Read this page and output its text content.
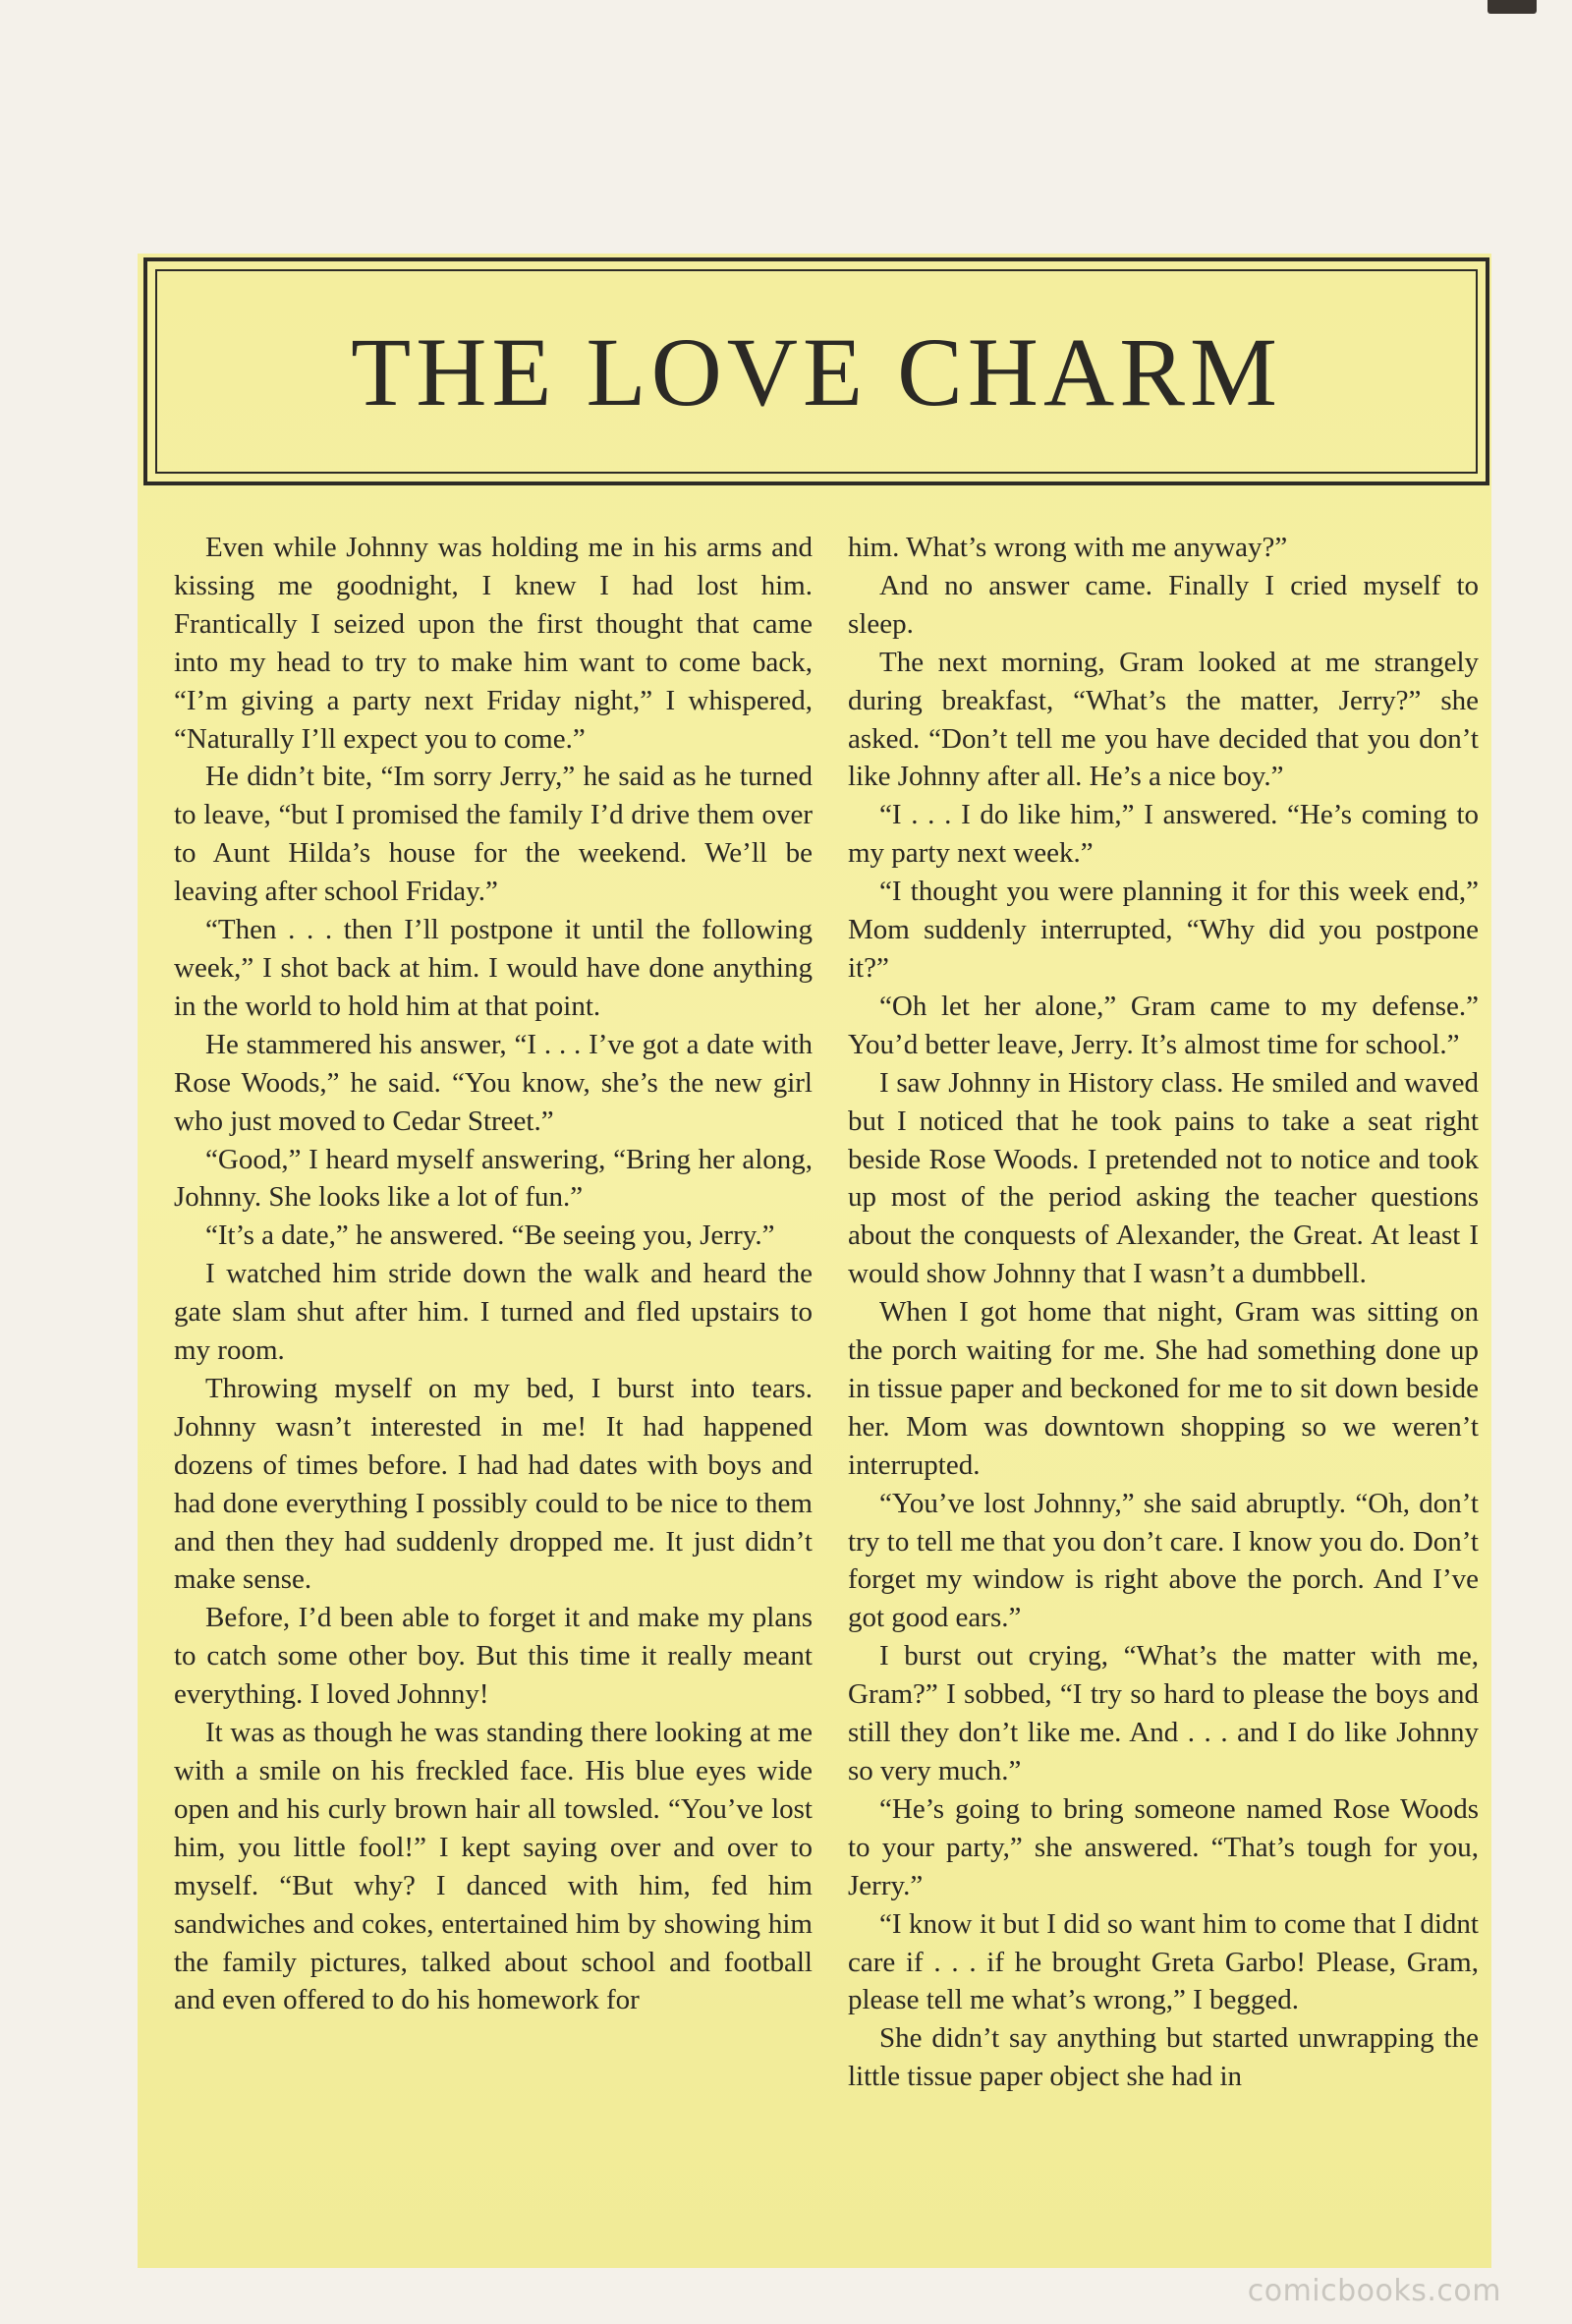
THE LOVE CHARM

Even while Johnny was holding me in his arms and kissing me goodnight, I knew I had lost him. Frantically I seized upon the first thought that came into my head to try to make him want to come back, “I’m giving a party next Friday night,” I whispered, “Naturally I’ll expect you to come.”

He didn’t bite, “Im sorry Jerry,” he said as he turned to leave, “but I promised the family I’d drive them over to Aunt Hilda’s house for the weekend. We’ll be leaving after school Friday.”

“Then . . . then I’ll postpone it until the following week,” I shot back at him. I would have done anything in the world to hold him at that point.

He stammered his answer, “I . . . I’ve got a date with Rose Woods,” he said. “You know, she’s the new girl who just moved to Cedar Street.”

“Good,” I heard myself answering, “Bring her along, Johnny. She looks like a lot of fun.”

“It’s a date,” he answered. “Be seeing you, Jerry.”

I watched him stride down the walk and heard the gate slam shut after him. I turned and fled upstairs to my room.

Throwing myself on my bed, I burst into tears. Johnny wasn’t interested in me! It had happened dozens of times before. I had had dates with boys and had done everything I possibly could to be nice to them and then they had suddenly dropped me. It just didn’t make sense.

Before, I’d been able to forget it and make my plans to catch some other boy. But this time it really meant everything. I loved Johnny!

It was as though he was standing there looking at me with a smile on his freckled face. His blue eyes wide open and his curly brown hair all towsled. “You’ve lost him, you little fool!” I kept saying over and over to myself. “But why? I danced with him, fed him sandwiches and cokes, entertained him by showing him the family pictures, talked about school and football and even offered to do his homework for

him. What’s wrong with me anyway?”

And no answer came. Finally I cried myself to sleep.

The next morning, Gram looked at me strangely during breakfast, “What’s the matter, Jerry?” she asked. “Don’t tell me you have decided that you don’t like Johnny after all. He’s a nice boy.”

“I . . . I do like him,” I answered. “He’s coming to my party next week.”

“I thought you were planning it for this week end,” Mom suddenly interrupted, “Why did you postpone it?”

“Oh let her alone,” Gram came to my defense.” You’d better leave, Jerry. It’s almost time for school.”

I saw Johnny in History class. He smiled and waved but I noticed that he took pains to take a seat right beside Rose Woods. I pretended not to notice and took up most of the period asking the teacher questions about the conquests of Alexander, the Great. At least I would show Johnny that I wasn’t a dumbbell.

When I got home that night, Gram was sitting on the porch waiting for me. She had something done up in tissue paper and beckoned for me to sit down beside her. Mom was downtown shopping so we weren’t interrupted.

“You’ve lost Johnny,” she said abruptly. “Oh, don’t try to tell me that you don’t care. I know you do. Don’t forget my window is right above the porch. And I’ve got good ears.”

I burst out crying, “What’s the matter with me, Gram?” I sobbed, “I try so hard to please the boys and still they don’t like me. And . . . and I do like Johnny so very much.”

“He’s going to bring someone named Rose Woods to your party,” she answered. “That’s tough for you, Jerry.”

“I know it but I did so want him to come that I didnt care if . . . if he brought Greta Garbo! Please, Gram, please tell me what’s wrong,” I begged.

She didn’t say anything but started unwrapping the little tissue paper object she had in

comicbooks.com
